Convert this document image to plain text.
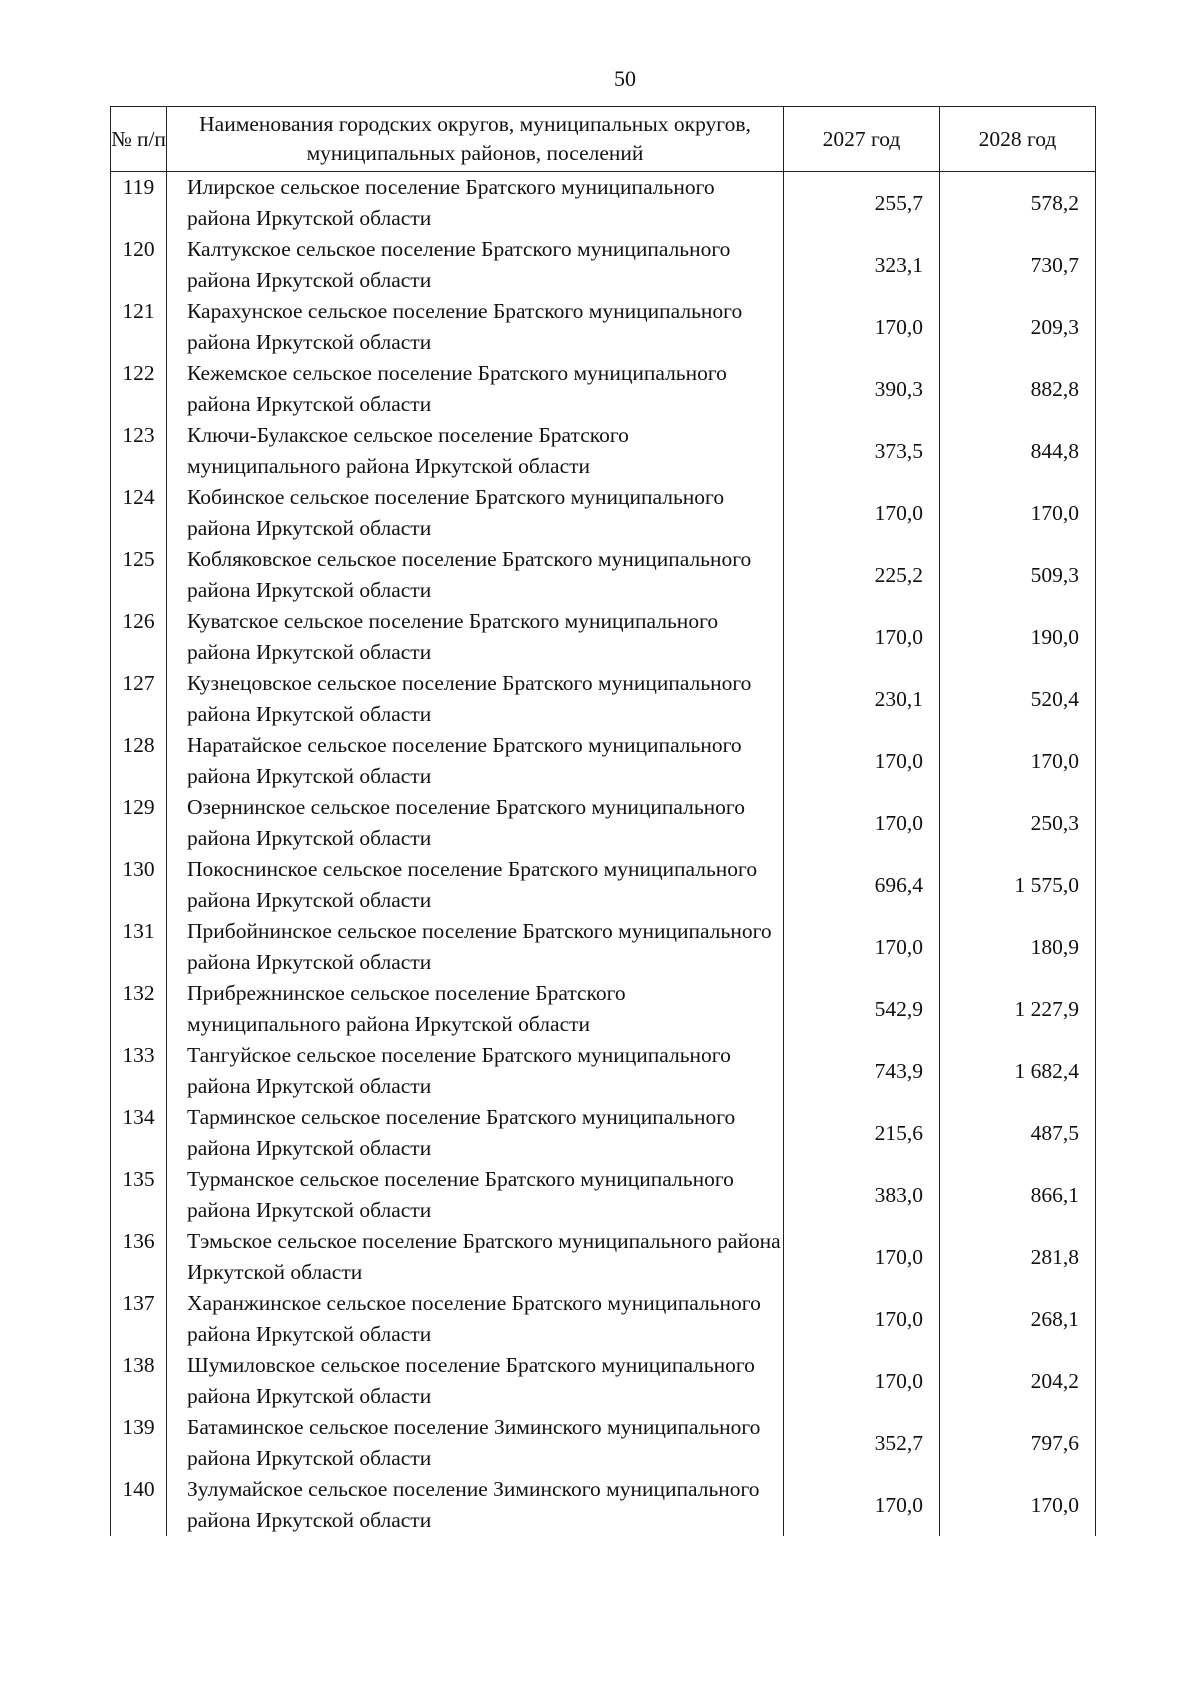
50
№ п/п	Наименования городских округов, муниципальных округов, муниципальных районов, поселений	2027 год	2028 год
119	Илирское сельское поселение Братского муниципального района Иркутской области	255,7	578,2
120	Калтукское сельское поселение Братского муниципального района Иркутской области	323,1	730,7
121	Карахунское сельское поселение Братского муниципального района Иркутской области	170,0	209,3
122	Кежемское сельское поселение Братского муниципального района Иркутской области	390,3	882,8
123	Ключи-Булакское сельское поселение Братского муниципального района Иркутской области	373,5	844,8
124	Кобинское сельское поселение Братского муниципального района Иркутской области	170,0	170,0
125	Кобляковское сельское поселение Братского муниципального района Иркутской области	225,2	509,3
126	Куватское сельское поселение Братского муниципального района Иркутской области	170,0	190,0
127	Кузнецовское сельское поселение Братского муниципального района Иркутской области	230,1	520,4
128	Наратайское сельское поселение Братского муниципального района Иркутской области	170,0	170,0
129	Озернинское сельское поселение Братского муниципального района Иркутской области	170,0	250,3
130	Покоснинское сельское поселение Братского муниципального района Иркутской области	696,4	1 575,0
131	Прибойнинское сельское поселение Братского муниципального района Иркутской области	170,0	180,9
132	Прибрежнинское сельское поселение Братского муниципального района Иркутской области	542,9	1 227,9
133	Тангуйское сельское поселение Братского муниципального района Иркутской области	743,9	1 682,4
134	Тарминское сельское поселение Братского муниципального района Иркутской области	215,6	487,5
135	Турманское сельское поселение Братского муниципального района Иркутской области	383,0	866,1
136	Тэмьское сельское поселение Братского муниципального района Иркутской области	170,0	281,8
137	Харанжинское сельское поселение Братского муниципального района Иркутской области	170,0	268,1
138	Шумиловское сельское поселение Братского муниципального района Иркутской области	170,0	204,2
139	Батаминское сельское поселение Зиминского муниципального района Иркутской области	352,7	797,6
140	Зулумайское сельское поселение Зиминского муниципального района Иркутской области	170,0	170,0
